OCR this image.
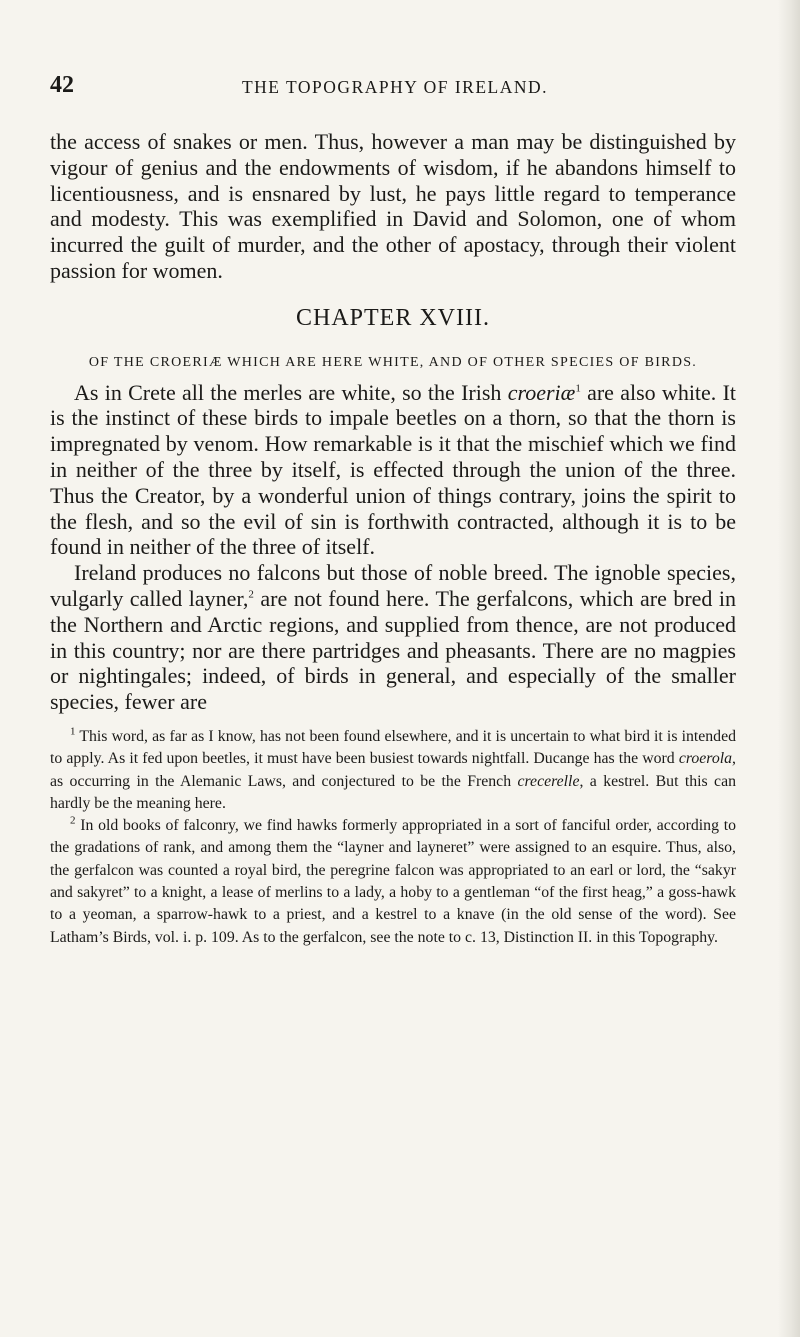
42	THE TOPOGRAPHY OF IRELAND.

the access of snakes or men. Thus, however a man may be distinguished by vigour of genius and the endowments of wisdom, if he abandons himself to licentiousness, and is ensnared by lust, he pays little regard to temperance and modesty. This was exemplified in David and Solomon, one of whom incurred the guilt of murder, and the other of apostacy, through their violent passion for women.

CHAPTER XVIII.

OF THE CROERIÆ WHICH ARE HERE WHITE, AND OF OTHER SPECIES OF BIRDS.

As in Crete all the merles are white, so the Irish croeriæ$^1$ are also white. It is the instinct of these birds to impale beetles on a thorn, so that the thorn is impregnated by venom. How remarkable is it that the mischief which we find in neither of the three by itself, is effected through the union of the three. Thus the Creator, by a wonderful union of things contrary, joins the spirit to the flesh, and so the evil of sin is forthwith contracted, although it is to be found in neither of the three of itself.

Ireland produces no falcons but those of noble breed. The ignoble species, vulgarly called layner,$^2$ are not found here. The gerfalcons, which are bred in the Northern and Arctic regions, and supplied from thence, are not produced in this country; nor are there partridges and pheasants. There are no magpies or nightingales; indeed, of birds in general, and especially of the smaller species, fewer are

$^1$ This word, as far as I know, has not been found elsewhere, and it is uncertain to what bird it is intended to apply. As it fed upon beetles, it must have been busiest towards nightfall. Ducange has the word croerola, as occurring in the Alemanic Laws, and conjectured to be the French crecerelle, a kestrel. But this can hardly be the meaning here.

$^2$ In old books of falconry, we find hawks formerly appropriated in a sort of fanciful order, according to the gradations of rank, and among them the “layner and layneret” were assigned to an esquire. Thus, also, the gerfalcon was counted a royal bird, the peregrine falcon was appropriated to an earl or lord, the “sakyr and sakyret” to a knight, a lease of merlins to a lady, a hoby to a gentleman “of the first heag,” a goss-hawk to a yeoman, a sparrow-hawk to a priest, and a kestrel to a knave (in the old sense of the word). See Latham’s Birds, vol. i. p. 109. As to the gerfalcon, see the note to c. 13, Distinction II. in this Topography.
